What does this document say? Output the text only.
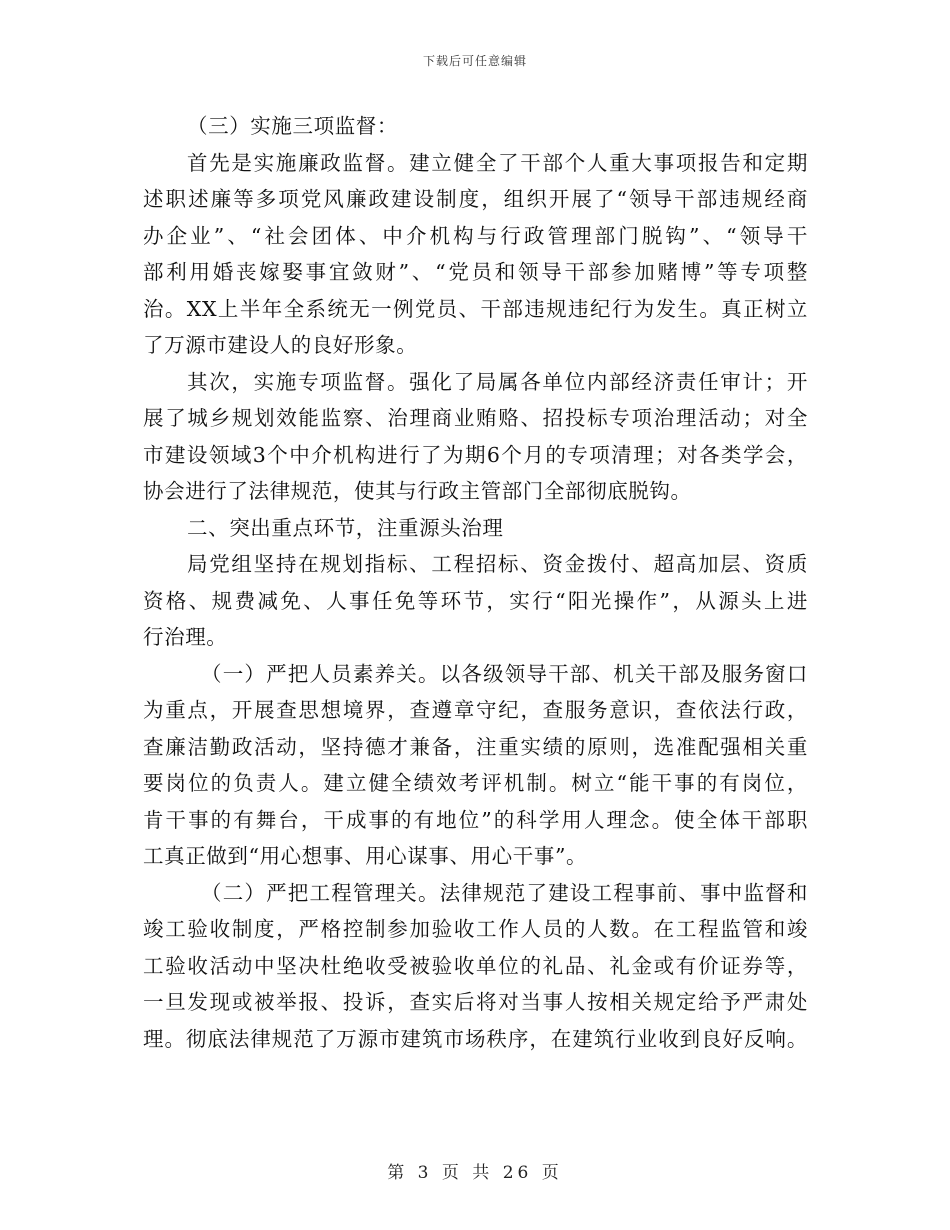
下载后可任意编辑
（三）实施三项监督：
首先是实施廉政监督。建立健全了干部个人重大事项报告和定期
述职述廉等多项党风廉政建设制度，组织开展了“领导干部违规经商
办企业”、“社会团体、中介机构与行政管理部门脱钩”、“领导干
部利用婚丧嫁娶事宜敛财”、“党员和领导干部参加赌博”等专项整
治。XX上半年全系统无一例党员、干部违规违纪行为发生。真正树立
了万源市建设人的良好形象。
其次，实施专项监督。强化了局属各单位内部经济责任审计；开
展了城乡规划效能监察、治理商业贿赂、招投标专项治理活动；对全
市建设领域3个中介机构进行了为期6个月的专项清理；对各类学会，
协会进行了法律规范，使其与行政主管部门全部彻底脱钩。
二、突出重点环节，注重源头治理
局党组坚持在规划指标、工程招标、资金拨付、超高加层、资质
资格、规费减免、人事任免等环节，实行“阳光操作”，从源头上进
行治理。
（一）严把人员素养关。以各级领导干部、机关干部及服务窗口
为重点，开展查思想境界，查遵章守纪，查服务意识，查依法行政，
查廉洁勤政活动，坚持德才兼备，注重实绩的原则，选准配强相关重
要岗位的负责人。建立健全绩效考评机制。树立“能干事的有岗位，
肯干事的有舞台，干成事的有地位”的科学用人理念。使全体干部职
工真正做到“用心想事、用心谋事、用心干事”。
（二）严把工程管理关。法律规范了建设工程事前、事中监督和
竣工验收制度，严格控制参加验收工作人员的人数。在工程监管和竣
工验收活动中坚决杜绝收受被验收单位的礼品、礼金或有价证券等，
一旦发现或被举报、投诉，查实后将对当事人按相关规定给予严肃处
理。彻底法律规范了万源市建筑市场秩序，在建筑行业收到良好反响。
第 3 页 共 26 页
